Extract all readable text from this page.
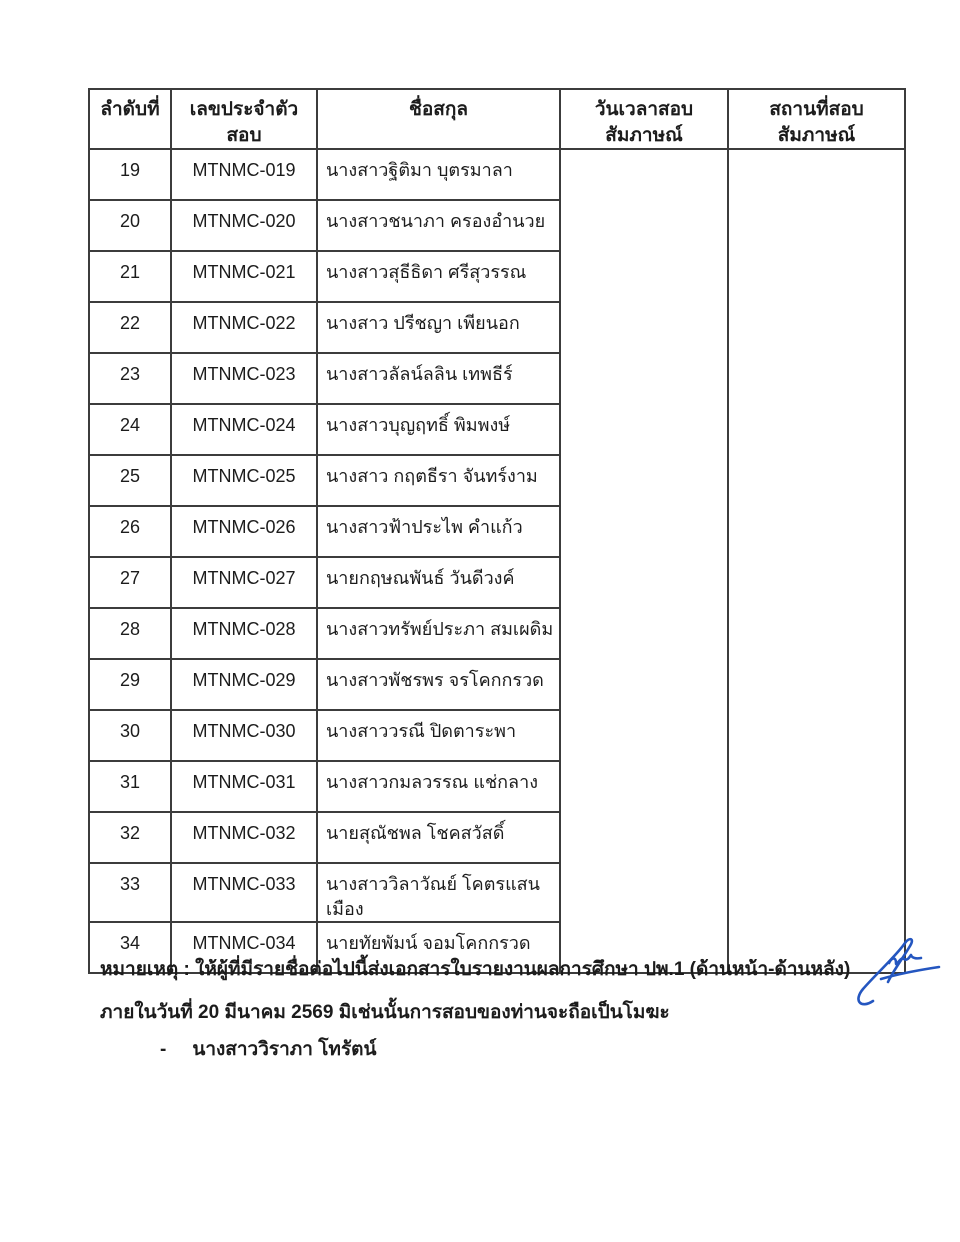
ลำดับที่	เลขประจำตัวสอบ	ชื่อสกุล	วันเวลาสอบสัมภาษณ์	สถานที่สอบสัมภาษณ์
19	MTNMC-019	นางสาวฐิติมา บุตรมาลา		
20	MTNMC-020	นางสาวชนาภา ครองอำนวย		
21	MTNMC-021	นางสาวสุธีธิดา ศรีสุวรรณ		
22	MTNMC-022	นางสาว ปรีชญา เพียนอก		
23	MTNMC-023	นางสาวลัลน์ลลิน เทพธีร์		
24	MTNMC-024	นางสาวบุญฤทธิ์ พิมพงษ์		
25	MTNMC-025	นางสาว กฤตธีรา จันทร์งาม		
26	MTNMC-026	นางสาวฟ้าประไพ คำแก้ว		
27	MTNMC-027	นายกฤษณพันธ์ วันดีวงค์		
28	MTNMC-028	นางสาวทรัพย์ประภา สมเผดิม		
29	MTNMC-029	นางสาวพัชรพร จรโคกกรวด		
30	MTNMC-030	นางสาววรณี ปิดตาระพา		
31	MTNMC-031	นางสาวกมลวรรณ แช่กลาง		
32	MTNMC-032	นายสุณัชพล โชคสวัสดิ์		
33	MTNMC-033	นางสาววิลาวัณย์ โคตรแสนเมือง		
34	MTNMC-034	นายทัยพัมน์ จอมโคกกรวด		
หมายเหตุ : ให้ผู้ที่มีรายชื่อต่อไปนี้ส่งเอกสารใบรายงานผลการศึกษา ปพ.1 (ด้านหน้า-ด้านหลัง)
ภายในวันที่ 20 มีนาคม 2569 มิเช่นนั้นการสอบของท่านจะถือเป็นโมฆะ
- นางสาววิราภา โทรัตน์
